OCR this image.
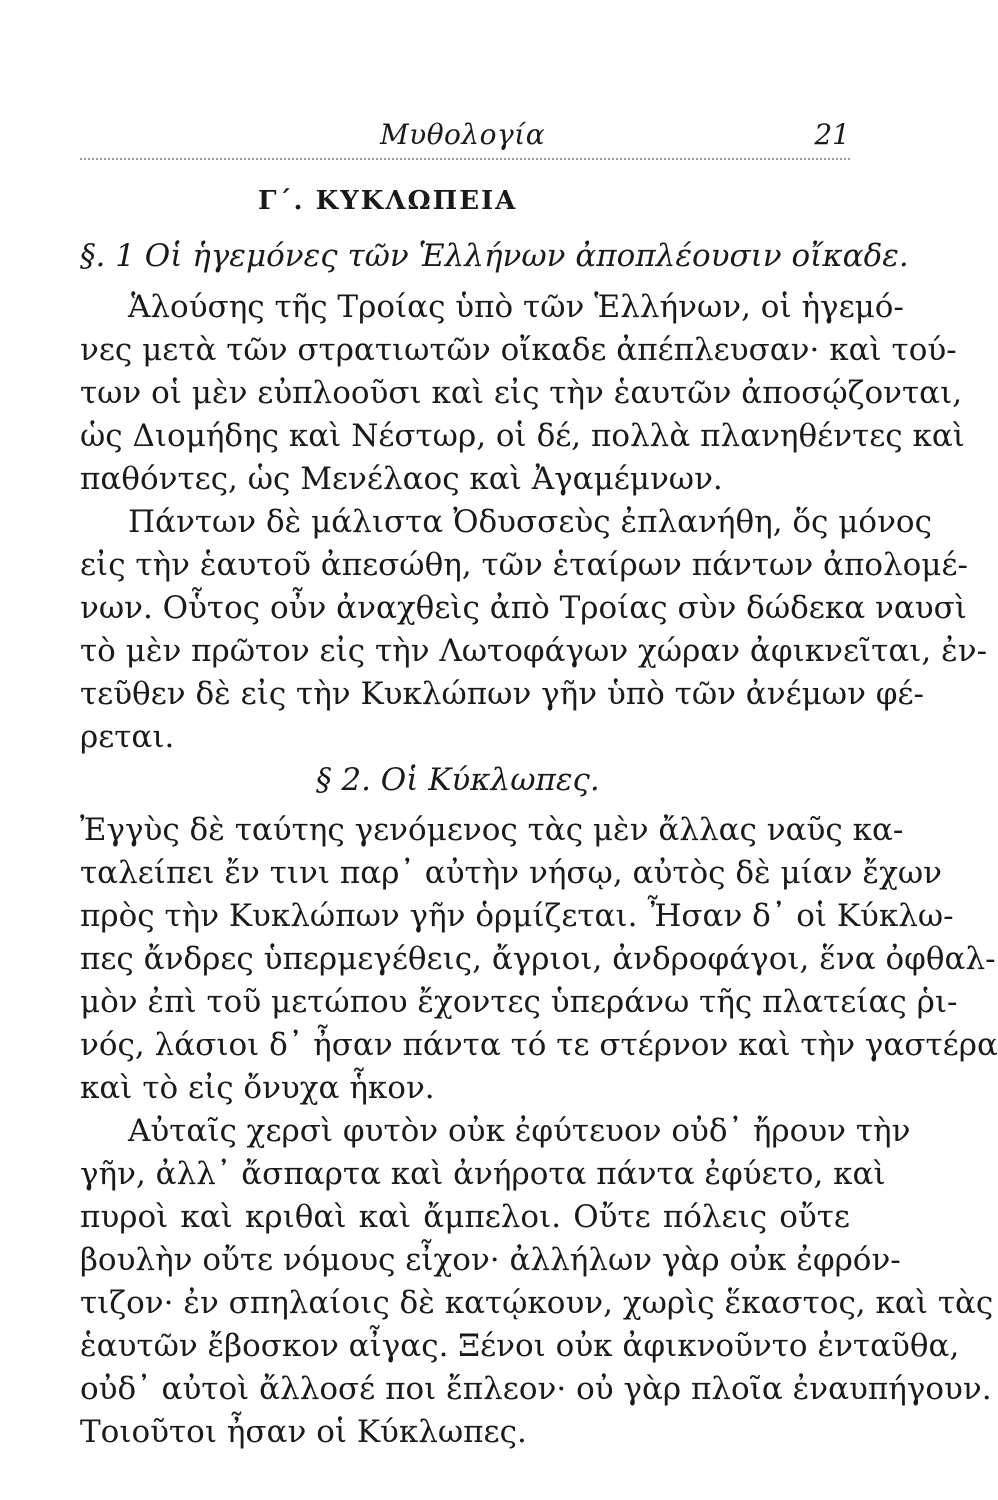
Μυθολογία	21
Γ΄. ΚΥΚΛΩΠΕΙΑ
§. 1 Οἱ ἡγεμόνες τῶν Ἑλλήνων ἀποπλέουσιν οἴκαδε.
Ἁλούσης τῆς Τροίας ὑπὸ τῶν Ἑλλήνων, οἱ ἡγεμό-
νες μετὰ τῶν στρατιωτῶν οἴκαδε ἀπέπλευσαν· καὶ τού-
των οἱ μὲν εὐπλοοῦσι καὶ εἰς τὴν ἑαυτῶν ἀποσῴζονται,
ὡς Διομήδης καὶ Νέστωρ, οἱ δέ, πολλὰ πλανηθέντες καὶ
παθόντες, ὡς Μενέλαος καὶ Ἀγαμέμνων.
Πάντων δὲ μάλιστα Ὀδυσσεὺς ἐπλανήθη, ὅς μόνος
εἰς τὴν ἑαυτοῦ ἀπεσώθη, τῶν ἑταίρων πάντων ἀπολομέ-
νων. Οὗτος οὖν ἀναχθεὶς ἀπὸ Τροίας σὺν δώδεκα ναυσὶ
τὸ μὲν πρῶτον εἰς τὴν Λωτοφάγων χώραν ἀφικνεῖται, ἐν-
τεῦθεν δὲ εἰς τὴν Κυκλώπων γῆν ὑπὸ τῶν ἀνέμων φέ-
ρεται.
§ 2. Οἱ Κύκλωπες.
Ἐγγὺς δὲ ταύτης γενόμενος τὰς μὲν ἄλλας ναῦς κα-
ταλείπει ἔν τινι παρ᾽ αὐτὴν νήσῳ, αὐτὸς δὲ μίαν ἔχων
πρὸς τὴν Κυκλώπων γῆν ὁρμίζεται. Ἦσαν δ᾽ οἱ Κύκλω-
πες ἄνδρες ὑπερμεγέθεις, ἄγριοι, ἀνδροφάγοι, ἕνα ὀφθαλ-
μὸν ἐπὶ τοῦ μετώπου ἔχοντες ὑπεράνω τῆς πλατείας ῥι-
νός, λάσιοι δ᾽ ἦσαν πάντα τό τε στέρνον καὶ τὴν γαστέρα
καὶ τὸ εἰς ὄνυχα ἧκον.
Αὐταῖς χερσὶ φυτὸν οὐκ ἐφύτευον οὐδ᾽ ἤρουν τὴν
γῆν, ἀλλ᾽ ἄσπαρτα καὶ ἀνήροτα πάντα ἐφύετο, καὶ
πυροὶ καὶ κριθαὶ καὶ ἄμπελοι. Οὔτε πόλεις οὔτε
βουλὴν οὔτε νόμους εἶχον· ἀλλήλων γὰρ οὐκ ἐφρόν-
τιζον· ἐν σπηλαίοις δὲ κατῴκουν, χωρὶς ἕκαστος, καὶ τὰς
ἑαυτῶν ἔβοσκον αἶγας. Ξένοι οὐκ ἀφικνοῦντο ἐνταῦθα,
οὐδ᾽ αὐτοὶ ἄλλοσέ ποι ἔπλεον· οὐ γὰρ πλοῖα ἐναυπήγουν.
Τοιοῦτοι ἦσαν οἱ Κύκλωπες.
